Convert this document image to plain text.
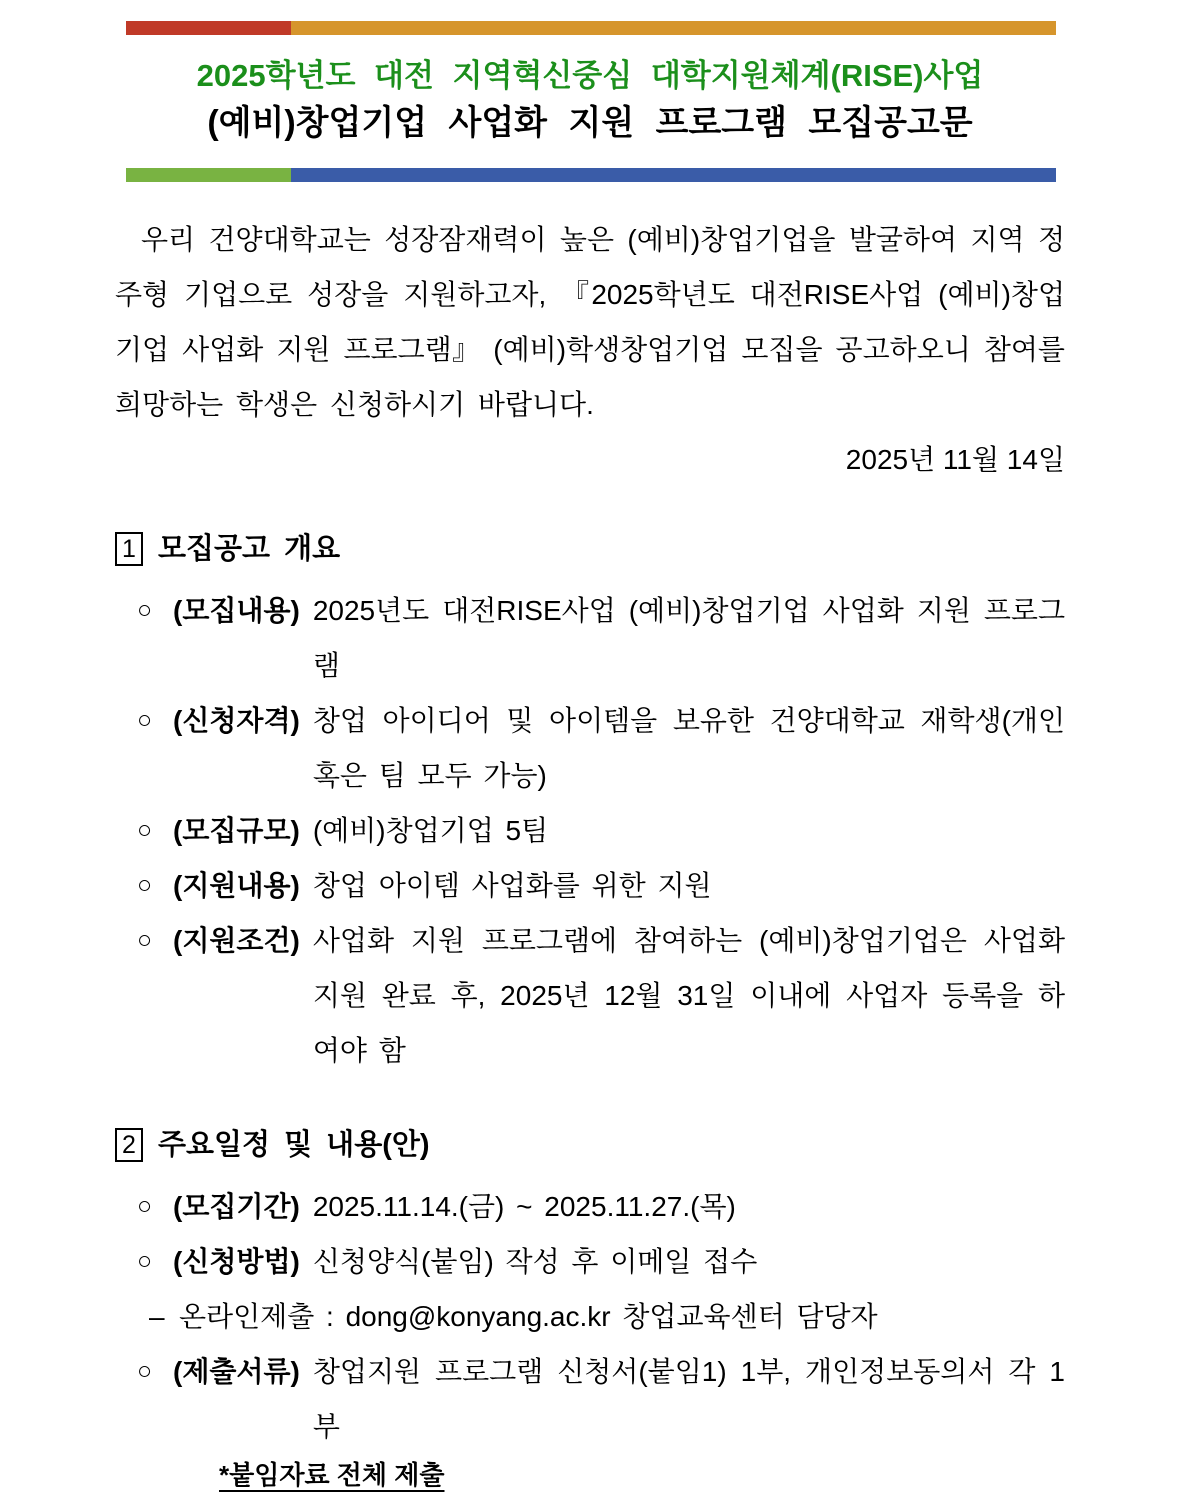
2025학년도 대전 지역혁신중심 대학지원체계(RISE)사업
(예비)창업기업 사업화 지원 프로그램 모집공고문

우리 건양대학교는 성장잠재력이 높은 (예비)창업기업을 발굴하여 지역 정주형 기업으로 성장을 지원하고자, 『2025학년도 대전RISE사업 (예비)창업기업 사업화 지원 프로그램』 (예비)학생창업기업 모집을 공고하오니 참여를 희망하는 학생은 신청하시기 바랍니다.

2025년 11월 14일

1 모집공고 개요
○ (모집내용) 2025년도 대전RISE사업 (예비)창업기업 사업화 지원 프로그램
○ (신청자격) 창업 아이디어 및 아이템을 보유한 건양대학교 재학생(개인 혹은 팀 모두 가능)
○ (모집규모) (예비)창업기업 5팀
○ (지원내용) 창업 아이템 사업화를 위한 지원
○ (지원조건) 사업화 지원 프로그램에 참여하는 (예비)창업기업은 사업화 지원 완료 후, 2025년 12월 31일 이내에 사업자 등록을 하여야 함
2 주요일정 및 내용(안)
○ (모집기간) 2025.11.14.(금) ~ 2025.11.27.(목)
○ (신청방법) 신청양식(붙임) 작성 후 이메일 접수
– 온라인제출 : dong@konyang.ac.kr 창업교육센터 담당자
○ (제출서류) 창업지원 프로그램 신청서(붙임1) 1부, 개인정보동의서 각 1부

*붙임자료 전체 제출
